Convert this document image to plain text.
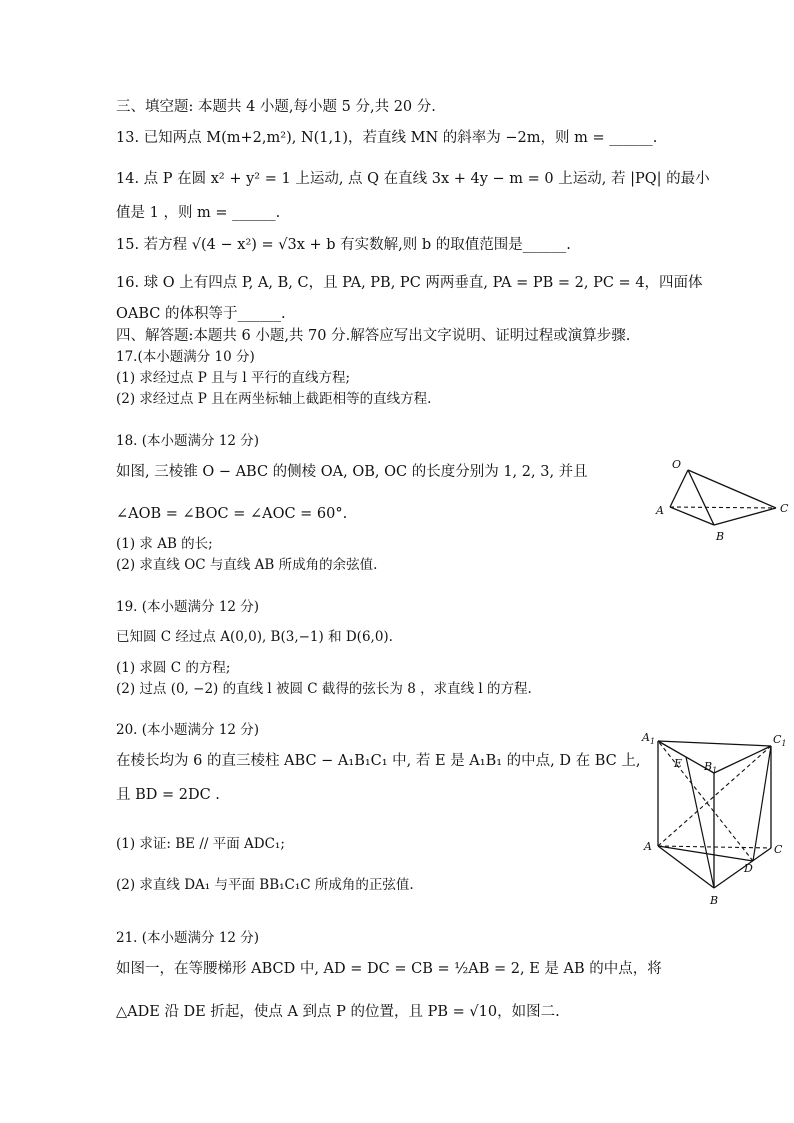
三、填空题: 本题共 4 小题,每小题 5 分,共 20 分.
13. 已知两点 M(m+2,m²), N(1,1)，若直线 MN 的斜率为 −2m，则 m = ______.
14. 点 P 在圆 x² + y² = 1 上运动, 点 Q 在直线 3x + 4y − m = 0 上运动, 若 |PQ| 的最小
值是 1 ，则 m = ______.
15. 若方程 √(4 − x²) = √3x + b 有实数解,则 b 的取值范围是______.
16. 球 O 上有四点 P, A, B, C，且 PA, PB, PC 两两垂直, PA = PB = 2, PC = 4，四面体
OABC 的体积等于______.
四、解答题:本题共 6 小题,共 70 分.解答应写出文字说明、证明过程或演算步骤.
17.(本小题满分 10 分)
(1) 求经过点 P 且与 l 平行的直线方程;
(2) 求经过点 P 且在两坐标轴上截距相等的直线方程.
18. (本小题满分 12 分)
如图, 三棱锥 O − ABC 的侧棱 OA, OB, OC 的长度分别为 1, 2, 3, 并且
∠AOB = ∠BOC = ∠AOC = 60°.
(1) 求 AB 的长;
(2) 求直线 OC 与直线 AB 所成角的余弦值.
O
A
B
C
19. (本小题满分 12 分)
已知圆 C 经过点 A(0,0), B(3,−1) 和 D(6,0).
(1) 求圆 C 的方程;
(2) 过点 (0, −2) 的直线 l 被圆 C 截得的弦长为 8 ，求直线 l 的方程.
20. (本小题满分 12 分)
在棱长均为 6 的直三棱柱 ABC − A₁B₁C₁ 中, 若 E 是 A₁B₁ 的中点, D 在 BC 上,
且 BD = 2DC .
(1) 求证: BE // 平面 ADC₁;
(2) 求直线 DA₁ 与平面 BB₁C₁C 所成角的正弦值.
$A_1$	$C_1$
$B_1$
E
A	C
D
B
21. (本小题满分 12 分)
如图一，在等腰梯形 ABCD 中, AD = DC = CB = ½AB = 2, E 是 AB 的中点，将
△ADE 沿 DE 折起，使点 A 到点 P 的位置，且 PB = √10，如图二.
